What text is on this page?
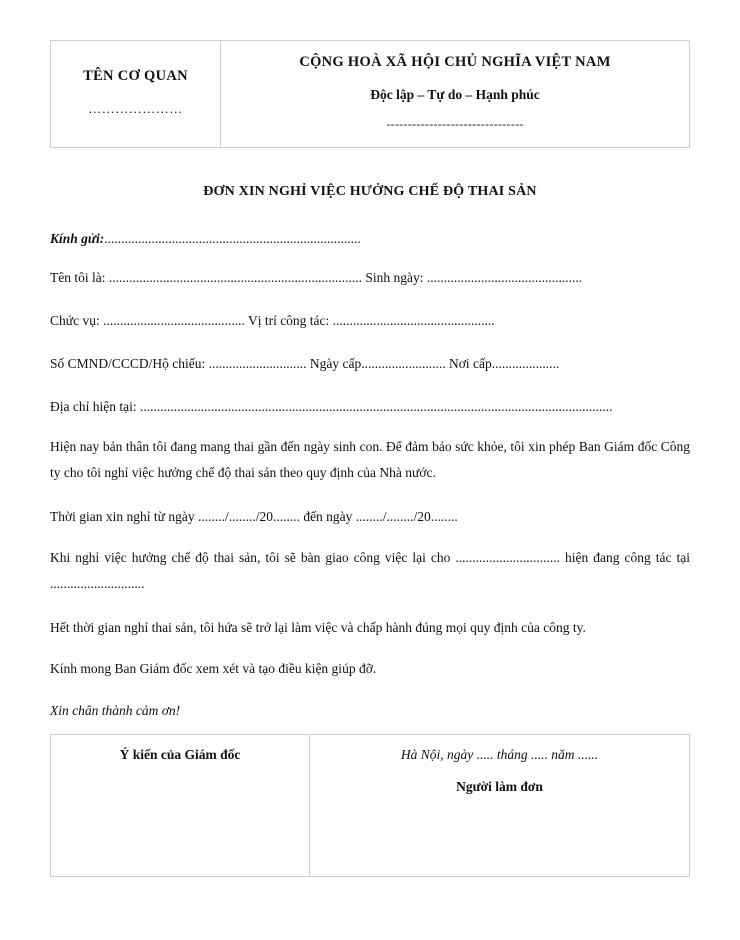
TÊN CƠ QUAN
…………………
CỘNG HOÀ XÃ HỘI CHỦ NGHĨA VIỆT NAM
Độc lập – Tự do – Hạnh phúc
--------------------------------
ĐƠN XIN NGHỈ VIỆC HƯỞNG CHẾ ĐỘ THAI SẢN
Kính gửi:............................................................................
Tên tôi là: ........................................................................... Sinh ngày: ..............................................
Chức vụ: .......................................... Vị trí công tác: ................................................
Số CMND/CCCD/Hộ chiếu: ............................. Ngày cấp......................... Nơi cấp....................
Địa chỉ hiện tại: ............................................................................................................................................
Hiện nay bản thân tôi đang mang thai gần đến ngày sinh con. Để đảm bảo sức khỏe, tôi xin phép Ban Giám đốc Công ty cho tôi nghỉ việc hưởng chế độ thai sản theo quy định của Nhà nước.
Thời gian xin nghỉ từ ngày ......../......../20........ đến ngày ......../......../20........
Khi nghỉ việc hưởng chế độ thai sản, tôi sẽ bàn giao công việc lại cho ............................... hiện đang công tác tại ............................
Hết thời gian nghỉ thai sản, tôi hứa sẽ trở lại làm việc và chấp hành đúng mọi quy định của công ty.
Kính mong Ban Giám đốc xem xét và tạo điều kiện giúp đỡ.
Xin chân thành cảm ơn!
Ý kiến của Giám đốc	Hà Nội, ngày ..... tháng ..... năm ......
Người làm đơn
